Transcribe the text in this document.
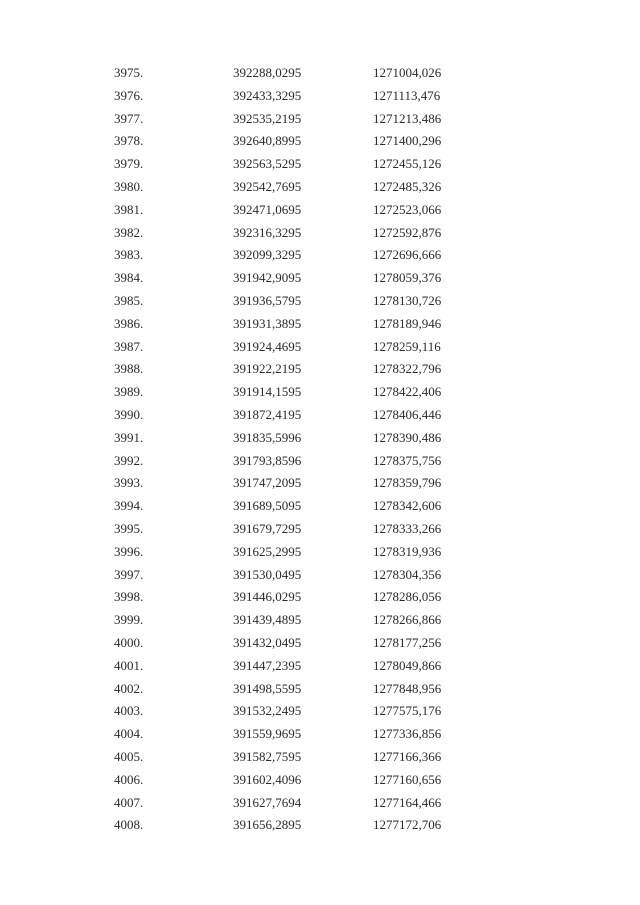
3975.	392288,0295	1271004,026
3976.	392433,3295	1271113,476
3977.	392535,2195	1271213,486
3978.	392640,8995	1271400,296
3979.	392563,5295	1272455,126
3980.	392542,7695	1272485,326
3981.	392471,0695	1272523,066
3982.	392316,3295	1272592,876
3983.	392099,3295	1272696,666
3984.	391942,9095	1278059,376
3985.	391936,5795	1278130,726
3986.	391931,3895	1278189,946
3987.	391924,4695	1278259,116
3988.	391922,2195	1278322,796
3989.	391914,1595	1278422,406
3990.	391872,4195	1278406,446
3991.	391835,5996	1278390,486
3992.	391793,8596	1278375,756
3993.	391747,2095	1278359,796
3994.	391689,5095	1278342,606
3995.	391679,7295	1278333,266
3996.	391625,2995	1278319,936
3997.	391530,0495	1278304,356
3998.	391446,0295	1278286,056
3999.	391439,4895	1278266,866
4000.	391432,0495	1278177,256
4001.	391447,2395	1278049,866
4002.	391498,5595	1277848,956
4003.	391532,2495	1277575,176
4004.	391559,9695	1277336,856
4005.	391582,7595	1277166,366
4006.	391602,4096	1277160,656
4007.	391627,7694	1277164,466
4008.	391656,2895	1277172,706
